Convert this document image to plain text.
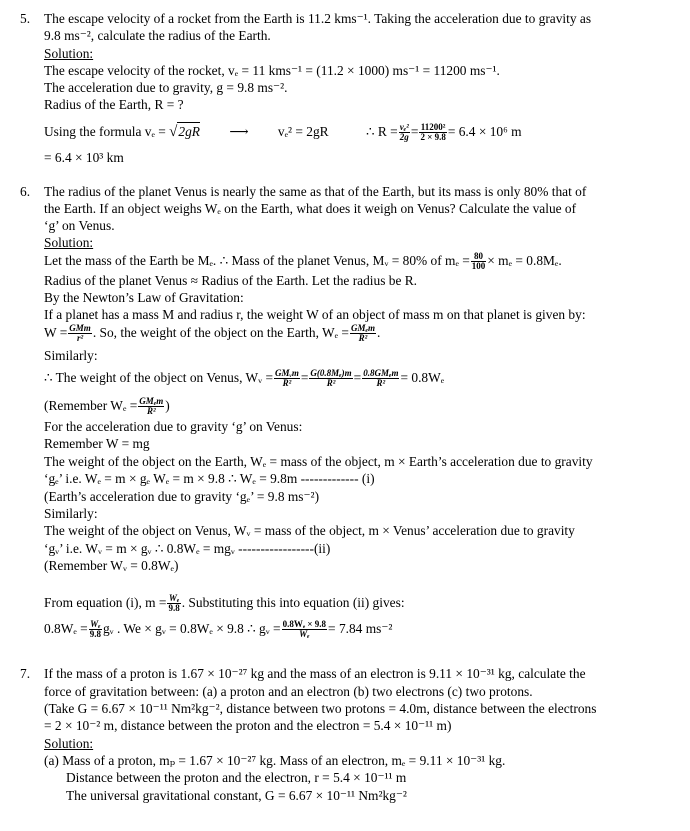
5. The escape velocity of a rocket from the Earth is 11.2 kms⁻¹. Taking the acceleration due to gravity as
9.8 ms⁻², calculate the radius of the Earth.
Solution:
The escape velocity of the rocket, vₑ = 11 kms⁻¹ = (11.2 × 1000) ms⁻¹ = 11200 ms⁻¹.
The acceleration due to gravity, g = 9.8 ms⁻².
Radius of the Earth, R = ?
Using the formula vₑ = √2gR ⟶ vₑ² = 2gR	∴ $R = \frac{\text{vₑ²}}{2g} = \frac{\text{11200²}}{2 \times 9.8} = 6.4 \times 10^6$ m
= 6.4 × 10³ km
6. The radius of the planet Venus is nearly the same as that of the Earth, but its mass is only 80% that of
the Earth. If an object weighs Wₑ on the Earth, what does it weigh on Venus? Calculate the value of
‘g’ on Venus.
Solution:
Let the mass of the Earth be Mₑ. ∴ Mass of the planet Venus, Mᵥ = 80% of $m_e = \frac{80}{100} \times m_e = 0.8M_e$.
Radius of the planet Venus ≈ Radius of the Earth. Let the radius be R.
By the Newton’s Law of Gravitation:
If a planet has a mass M and radius r, the weight W of an object of mass m on that planet is given by:
W = GMm
r² . So, the weight of the object on the Earth, Wₑ = GMₑm
R² .
Similarly:
∴ The weight of the object on Venus, Wᵥ = GMᵥm
$R^2 = \frac{\text{G(0.8Mₑ)m}}{\text{R²}} = 0.8GM_em$
R²	= 0.8Wₑ
(Remember Wₑ = GMₑm
R² )
For the acceleration due to gravity ‘g’ on Venus:
Remember W = mg
The weight of the object on the Earth, Wₑ = mass of the object, m × Earth’s acceleration due to gravity
‘gₑ’ i.e. Wₑ = m × gₑ Wₑ = m × 9.8 ∴ Wₑ = 9.8m ------------- (i)
(Earth’s acceleration due to gravity ‘gₑ’ = 9.8 ms⁻²)
Similarly:
The weight of the object on Venus, Wᵥ = mass of the object, m × Venus’ acceleration due to gravity
‘gᵥ’ i.e. Wᵥ = m × gᵥ ∴ 0.8Wₑ = mgᵥ -----------------(ii)
(Remember Wᵥ = 0.8Wₑ)
From equation (i), $m = \frac{\text{Wₑ}}{9.8}$ . Substituting this into equation (ii) gives:
$0.8W_e = \frac{\text{Wₑ}}{9.8}$ gᵥ . We × gᵥ = 0.8Wₑ × 9.8 ∴ gᵥ = $\frac{\text{0.8Wₑ × 9.8}}{\text{Wₑ}} = 7.84$ ms⁻²
7. If the mass of a proton is 1.67 × 10⁻²⁷ kg and the mass of an electron is 9.11 × 10⁻³¹ kg, calculate the
force of gravitation between: (a) a proton and an electron (b) two electrons (c) two protons.
(Take G = 6.67 × 10⁻¹¹ Nm²kg⁻², distance between two protons = 4.0m, distance between the electrons
= 2 × 10⁻² m, distance between the proton and the electron = 5.4 × 10⁻¹¹ m)
Solution:
(a) Mass of a proton, mₚ = 1.67 × 10⁻²⁷ kg. Mass of an electron, mₑ = 9.11 × 10⁻³¹ kg.
Distance between the proton and the electron, r = 5.4 × 10⁻¹¹ m
The universal gravitational constant, G = 6.67 × 10⁻¹¹ Nm²kg⁻²
